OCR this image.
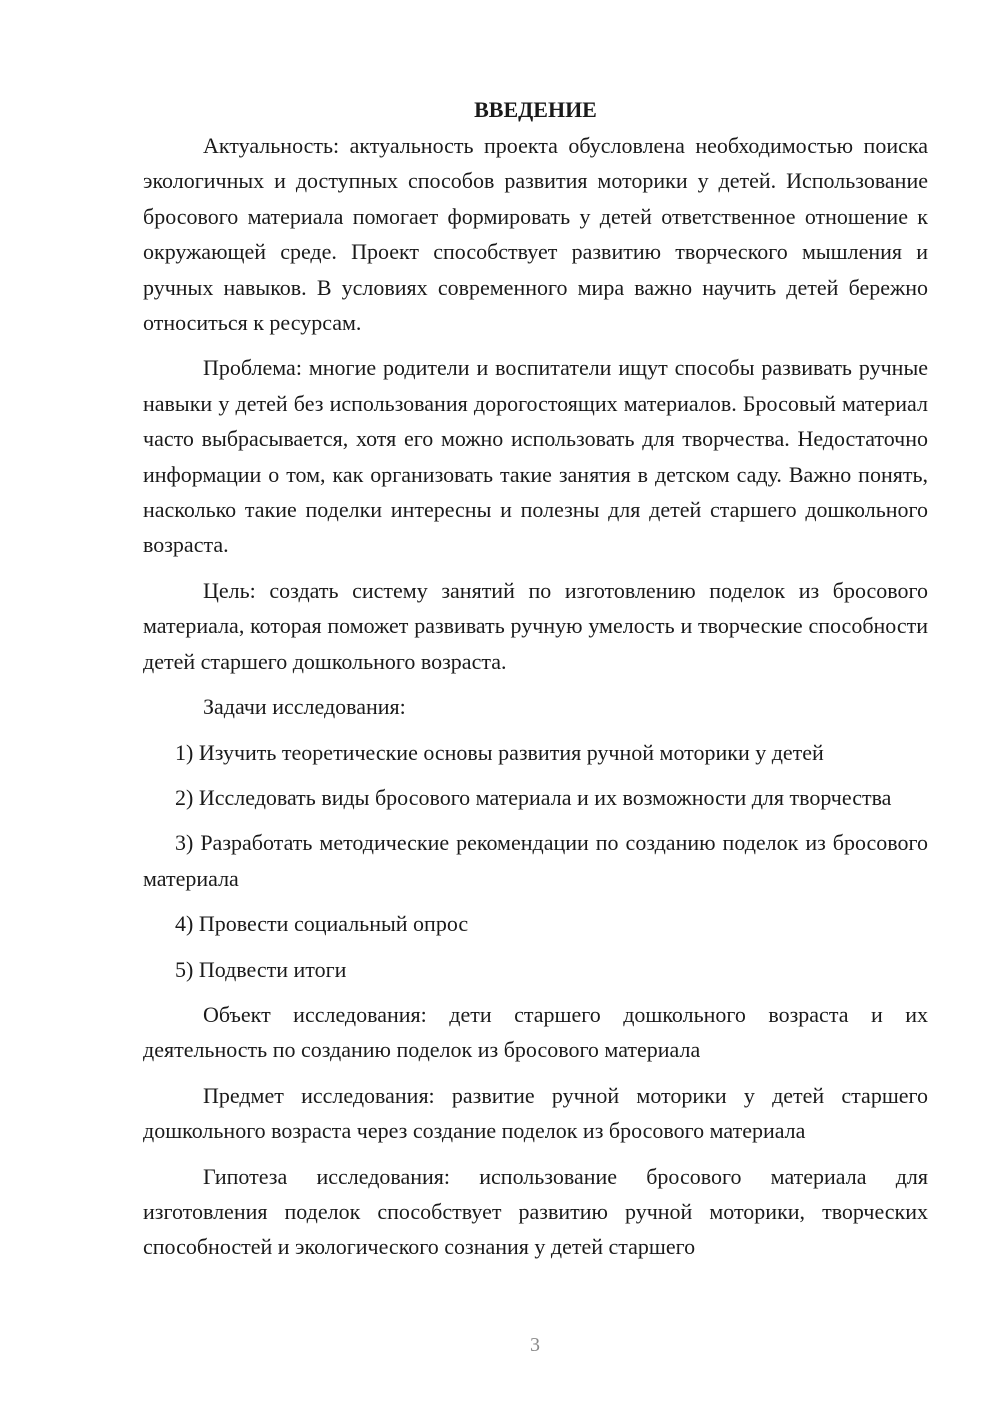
ВВЕДЕНИЕ

Актуальность: актуальность проекта обусловлена необходимостью поиска экологичных и доступных способов развития моторики у детей. Использование бросового материала помогает формировать у детей ответственное отношение к окружающей среде. Проект способствует развитию творческого мышления и ручных навыков. В условиях современного мира важно научить детей бережно относиться к ресурсам.

Проблема: многие родители и воспитатели ищут способы развивать ручные навыки у детей без использования дорогостоящих материалов. Бросовый материал часто выбрасывается, хотя его можно использовать для творчества. Недостаточно информации о том, как организовать такие занятия в детском саду. Важно понять, насколько такие поделки интересны и полезны для детей старшего дошкольного возраста.

Цель: создать систему занятий по изготовлению поделок из бросового материала, которая поможет развивать ручную умелость и творческие способности детей старшего дошкольного возраста.

Задачи исследования:

1) Изучить теоретические основы развития ручной моторики у детей

2) Исследовать виды бросового материала и их возможности для творчества

3) Разработать методические рекомендации по созданию поделок из бросового материала

4) Провести социальный опрос

5) Подвести итоги

Объект исследования: дети старшего дошкольного возраста и их деятельность по созданию поделок из бросового материала

Предмет исследования: развитие ручной моторики у детей старшего дошкольного возраста через создание поделок из бросового материала

Гипотеза исследования: использование бросового материала для изготовления поделок способствует развитию ручной моторики, творческих способностей и экологического сознания у детей старшего

3
